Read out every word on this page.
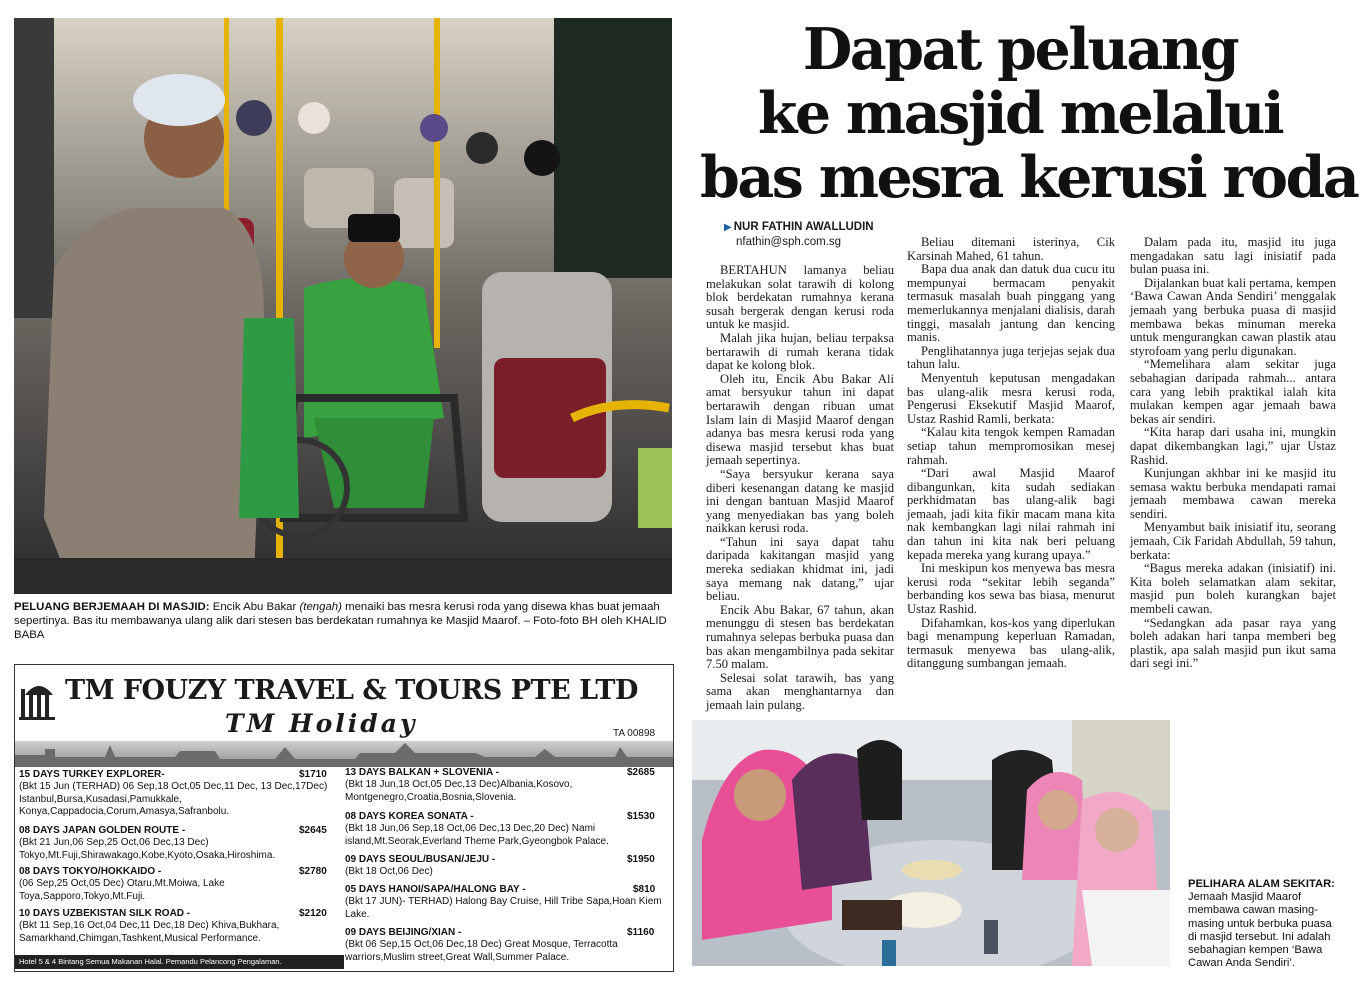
PELUANG BERJEMAAH DI MASJID: Encik Abu Bakar (tengah) menaiki bas mesra kerusi roda yang disewa khas buat jemaah sepertinya. Bas itu membawanya ulang alik dari stesen bas berdekatan rumahnya ke Masjid Maarof. – Foto-foto BH oleh KHALID BABA
Dapat peluang
ke masjid melalui
bas mesra kerusi roda
▶ NUR FATHIN AWALLUDIN
nfathin@sph.com.sg

BERTAHUN lamanya beliau melakukan solat tarawih di kolong blok berdekatan rumahnya kerana susah bergerak dengan kerusi roda untuk ke masjid.

Malah jika hujan, beliau terpaksa bertarawih di rumah kerana tidak dapat ke kolong blok.

Oleh itu, Encik Abu Bakar Ali amat bersyukur tahun ini dapat bertarawih dengan ribuan umat Islam lain di Masjid Maarof dengan adanya bas mesra kerusi roda yang disewa masjid tersebut khas buat jemaah sepertinya.

“Saya bersyukur kerana saya diberi kesenangan datang ke masjid ini dengan bantuan Masjid Maarof yang menyediakan bas yang boleh naikkan kerusi roda.

“Tahun ini saya dapat tahu daripada kakitangan masjid yang mereka sediakan khidmat ini, jadi saya memang nak datang,” ujar beliau.

Encik Abu Bakar, 67 tahun, akan menunggu di stesen bas berdekatan rumahnya selepas berbuka puasa dan bas akan mengambilnya pada sekitar 7.50 malam.

Selesai solat tarawih, bas yang sama akan menghantarnya dan jemaah lain pulang.

Beliau ditemani isterinya, Cik Karsinah Mahed, 61 tahun.

Bapa dua anak dan datuk dua cucu itu mempunyai bermacam penyakit termasuk masalah buah pinggang yang memerlukannya menjalani dialisis, darah tinggi, masalah jantung dan kencing manis.

Penglihatannya juga terjejas sejak dua tahun lalu.

Menyentuh keputusan mengadakan bas ulang-alik mesra kerusi roda, Pengerusi Eksekutif Masjid Maarof, Ustaz Rashid Ramli, berkata:

“Kalau kita tengok kempen Ramadan setiap tahun mempromosikan mesej rahmah.

“Dari awal Masjid Maarof dibangunkan, kita sudah sediakan perkhidmatan bas ulang-alik bagi jemaah, jadi kita fikir macam mana kita nak kembangkan lagi nilai rahmah ini dan tahun ini kita nak beri peluang kepada mereka yang kurang upaya.”

Ini meskipun kos menyewa bas mesra kerusi roda “sekitar lebih seganda” berbanding kos sewa bas biasa, menurut Ustaz Rashid.

Difahamkan, kos-kos yang diperlukan bagi menampung keperluan Ramadan, termasuk menyewa bas ulang-alik, ditanggung sumbangan jemaah.

Dalam pada itu, masjid itu juga mengadakan satu lagi inisiatif pada bulan puasa ini.

Dijalankan buat kali pertama, kempen ‘Bawa Cawan Anda Sendiri’ menggalak jemaah yang berbuka puasa di masjid membawa bekas minuman mereka untuk mengurangkan cawan plastik atau styrofoam yang perlu digunakan.

“Memelihara alam sekitar juga sebahagian daripada rahmah... antara cara yang lebih praktikal ialah kita mulakan kempen agar jemaah bawa bekas air sendiri.

“Kita harap dari usaha ini, mungkin dapat dikembangkan lagi,” ujar Ustaz Rashid.

Kunjungan akhbar ini ke masjid itu semasa waktu berbuka mendapati ramai jemaah membawa cawan mereka sendiri.

Menyambut baik inisiatif itu, seorang jemaah, Cik Faridah Abdullah, 59 tahun, berkata:

“Bagus mereka adakan (inisiatif) ini. Kita boleh selamatkan alam sekitar, masjid pun boleh kurangkan bajet membeli cawan.

“Sedangkan ada pasar raya yang boleh adakan hari tanpa memberi beg plastik, apa salah masjid pun ikut sama dari segi ini.”

PELIHARA ALAM SEKITAR:
Jemaah Masjid Maarof membawa cawan masing-masing untuk berbuka puasa di masjid tersebut. Ini adalah sebahagian kempen ‘Bawa Cawan Anda Sendiri’.
TM FOUZY TRAVEL & TOURS PTE LTD
TM Holiday	TA 00898
15 DAYS TURKEY EXPLORER-	$1710
(Bkt 15 Jun (TERHAD) 06 Sep,18 Oct,05 Dec,11 Dec, 13 Dec,17Dec) Istanbul,Bursa,Kusadasi,Pamukkale, Konya,Cappadocia,Corum,Amasya,Safranbolu.
08 DAYS JAPAN GOLDEN ROUTE -	$2645
(Bkt 21 Jun,06 Sep,25 Oct,06 Dec,13 Dec) Tokyo,Mt.Fuji,Shirawakago,Kobe,Kyoto,Osaka,Hiroshima.
08 DAYS TOKYO/HOKKAIDO -	$2780
(06 Sep,25 Oct,05 Dec) Otaru,Mt.Moiwa, Lake Toya,Sapporo,Tokyo,Mt.Fuji.
10 DAYS UZBEKISTAN SILK ROAD -	$2120
(Bkt 11 Sep,16 Oct,04 Dec,11 Dec,18 Dec) Khiva,Bukhara, Samarkhand,Chimgan,Tashkent,Musical Performance.
13 DAYS BALKAN + SLOVENIA -	$2685
(Bkt 18 Jun,18 Oct,05 Dec,13 Dec)Albania,Kosovo, Montgenegro,Croatia,Bosnia,Slovenia.
08 DAYS KOREA SONATA -	$1530
(Bkt 18 Jun,06 Sep,18 Oct,06 Dec,13 Dec,20 Dec) Nami island,Mt.Seorak,Everland Theme Park,Gyeongbok Palace.
09 DAYS SEOUL/BUSAN/JEJU -	$1950
(Bkt 18 Oct,06 Dec)
05 DAYS HANOI/SAPA/HALONG BAY -	$810
(Bkt 17 JUN)- TERHAD) Halong Bay Cruise, Hill Tribe Sapa,Hoan Kiem Lake.
09 DAYS BEIJING/XIAN -	$1160
(Bkt 06 Sep,15 Oct,06 Dec,18 Dec) Great Mosque, Terracotta warriors,Muslim street,Great Wall,Summer Palace.
Hotel 5 & 4 Bintang Semua Makanan Halal. Pemandu Pelancong Pengalaman.
